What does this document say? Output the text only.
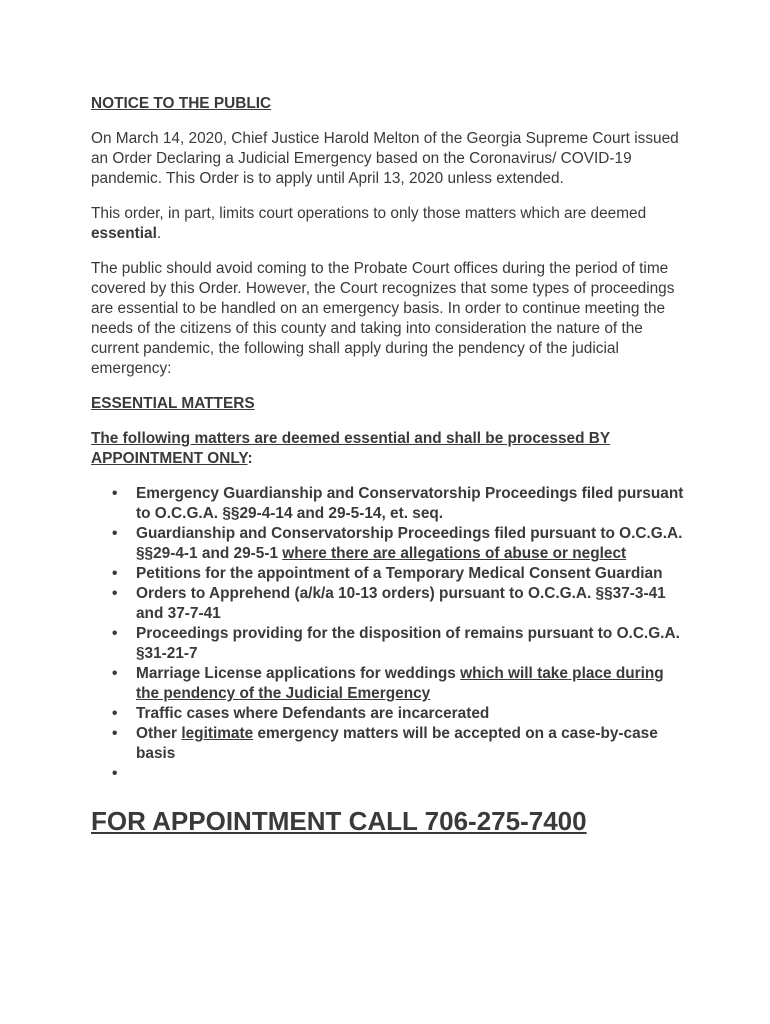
NOTICE TO THE PUBLIC

On March 14, 2020, Chief Justice Harold Melton of the Georgia Supreme Court issued an Order Declaring a Judicial Emergency based on the Coronavirus/ COVID-19 pandemic. This Order is to apply until April 13, 2020 unless extended.

This order, in part, limits court operations to only those matters which are deemed essential.

The public should avoid coming to the Probate Court offices during the period of time covered by this Order. However, the Court recognizes that some types of proceedings are essential to be handled on an emergency basis. In order to continue meeting the needs of the citizens of this county and taking into consideration the nature of the current pandemic, the following shall apply during the pendency of the judicial emergency:

ESSENTIAL MATTERS

The following matters are deemed essential and shall be processed BY APPOINTMENT ONLY:

• Emergency Guardianship and Conservatorship Proceedings filed pursuant to O.C.G.A. §§29-4-14 and 29-5-14, et. seq.
• Guardianship and Conservatorship Proceedings filed pursuant to O.C.G.A. §§29-4-1 and 29-5-1 where there are allegations of abuse or neglect
• Petitions for the appointment of a Temporary Medical Consent Guardian
• Orders to Apprehend (a/k/a 10-13 orders) pursuant to O.C.G.A. §§37-3-41 and 37-7-41
• Proceedings providing for the disposition of remains pursuant to O.C.G.A. §31-21-7
• Marriage License applications for weddings which will take place during the pendency of the Judicial Emergency
• Traffic cases where Defendants are incarcerated
• Other legitimate emergency matters will be accepted on a case-by-case basis
•

FOR APPOINTMENT CALL 706-275-7400
